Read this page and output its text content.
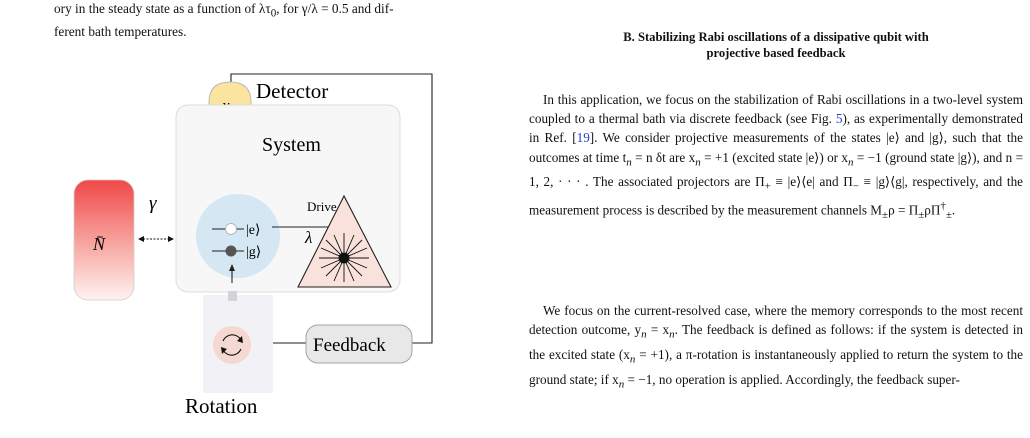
ory in the steady state as a function of $\lambda\tau_0$, for γ/λ = 0.5 and dif-
ferent bath temperatures.

Detector
System
|e⟩
|g⟩
Drive
λ
N̄
γ
Rotation
Feedback

B. Stabilizing Rabi oscillations of a dissipative qubit with
projective based feedback

In this application, we focus on the stabilization of Rabi oscillations in a two-level system coupled to a thermal bath via discrete feedback (see Fig. 5), as experimentally demonstrated in Ref. [19]. We consider projective measurements of the states |e⟩ and |g⟩, such that the outcomes at time $t_n = n$ δt are $x_n = +1$ (excited state |e⟩) or $x_n = -1$ (ground state |g⟩), and n = 1, 2, · · · . The associated projectors are $\Pi_+$ ≡ |e⟩⟨e| and $\Pi_-$ ≡ |g⟩⟨g|, respectively, and the measurement process is described by the measurement channels $M_\pm\rho = \Pi_\pm\rho\Pi^\dagger_\pm$.

We focus on the current-resolved case, where the memory corresponds to the most recent detection outcome, $y_n = x_n$. The feedback is defined as follows: if the system is detected in the excited state $(x_n = +1)$, a π-rotation is instantaneously applied to return the system to the ground state; if $x_n = -1$, no operation is applied. Accordingly, the feedback super-
